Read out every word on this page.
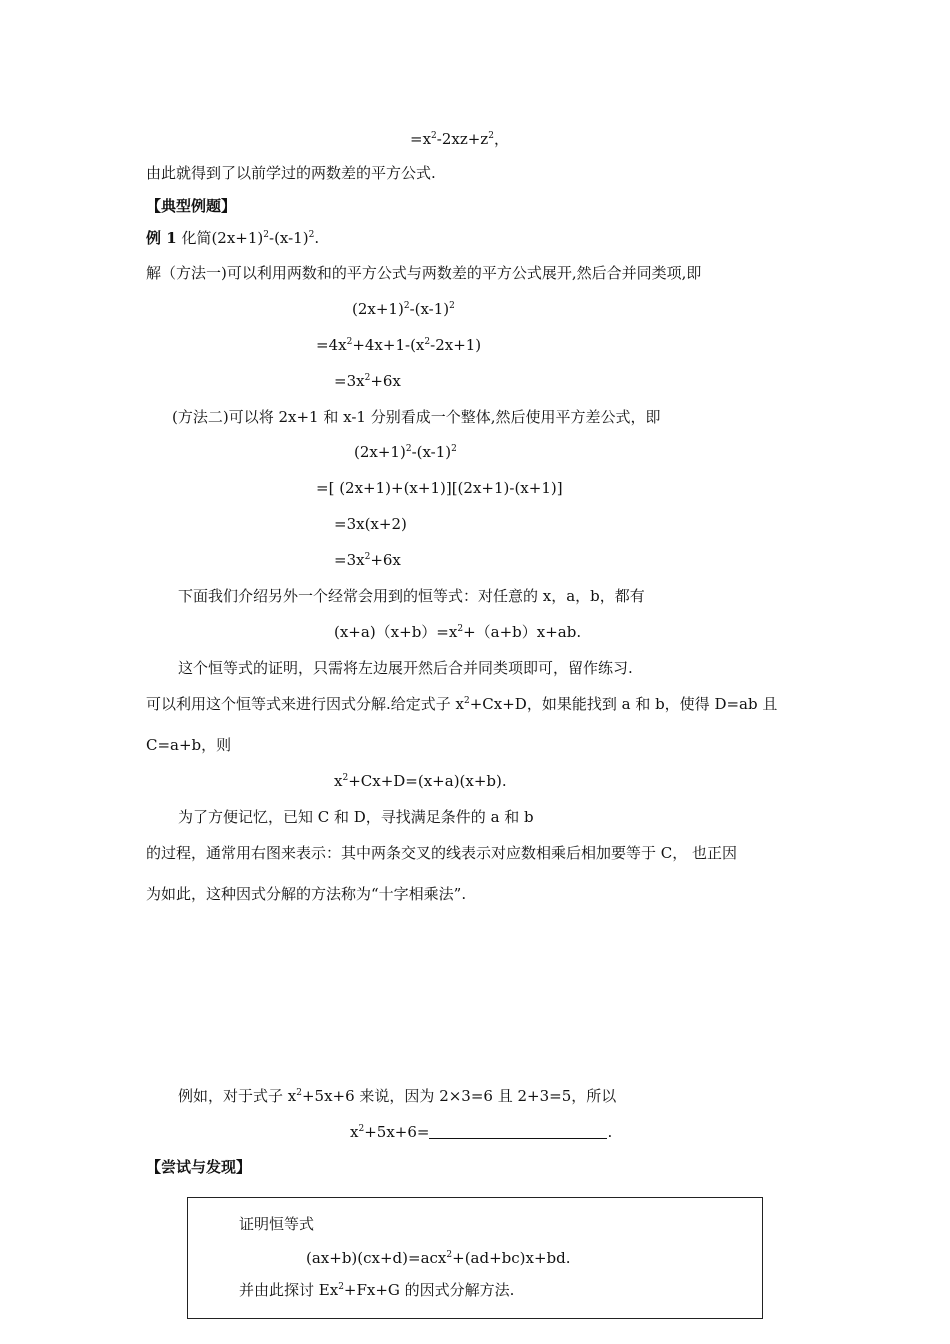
$=x^2-2xz+z^2$，
由此就得到了以前学过的两数差的平方公式.
【典型例题】
例 1 化简$(2x+1)^2-(x-1)^2$.
解（方法一)可以利用两数和的平方公式与两数差的平方公式展开,然后合并同类项,即
$(2x+1)^2-(x-1)^2$
$=4x^2+4x+1-(x^2-2x+1)$
$=3x^2+6x$
(方法二)可以将 2x+1 和 x-1 分别看成一个整体,然后使用平方差公式，即
$(2x+1)^2-(x-1)^2$
=[ (2x+1)+(x+1)][(2x+1)-(x+1)]
=3x(x+2)
$=3x^2+6x$
下面我们介绍另外一个经常会用到的恒等式：对任意的 x，a，b，都有
$(x+a)(x+b)=x^2+(a+b)x+ab$.
这个恒等式的证明，只需将左边展开然后合并同类项即可，留作练习.
可以利用这个恒等式来进行因式分解.给定式子 $x^2+Cx+D$，如果能找到 a 和 b，使得 D=ab 且
C=a+b，则
$x^2+Cx+D=(x+a)(x+b)$.
为了方便记忆，已知 C 和 D，寻找满足条件的 a 和 b
的过程，通常用右图来表示：其中两条交叉的线表示对应数相乘后相加要等于 C， 也正因
为如此，这种因式分解的方法称为“十字相乘法”.
例如，对于式子 $x^2+5x+6$ 来说，因为 2×3=6 且 2+3=5，所以
$x^2+5x+6=$	.
【尝试与发现】
证明恒等式
(ax+b)(cx+d)=acx$^2$+(ad+bc)x+bd.
并由此探讨 $Ex^2+Fx+G$ 的因式分解方法.
